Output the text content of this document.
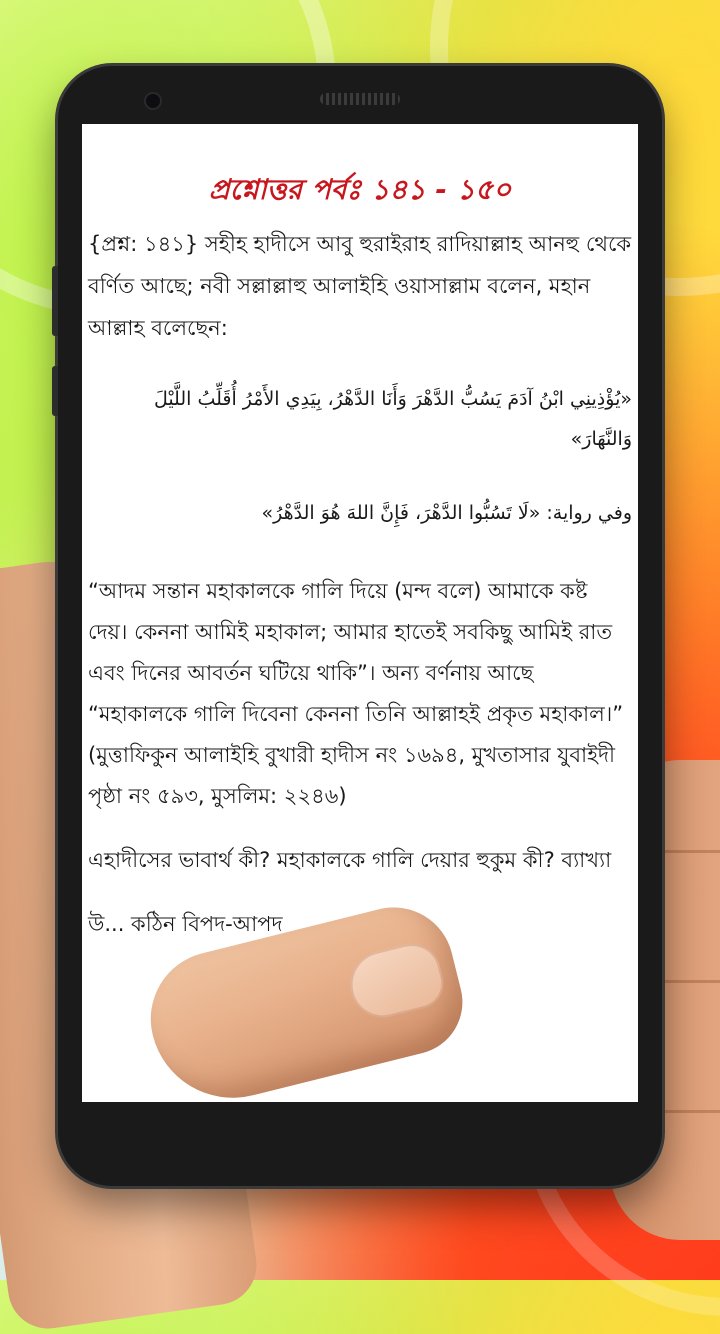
প্রশ্নোত্তর পর্বঃ ১৪১ - ১৫০

{প্রশ্ন: ১৪১} সহীহ হাদীসে আবু হুরাইরাহ রাদিয়াল্লাহ আনহু থেকে বর্ণিত আছে; নবী সল্লাল্লাহু আলাইহি ওয়াসাল্লাম বলেন, মহান আল্লাহ বলেছেন:

«يُؤْذِينِي ابْنُ آدَمَ يَسُبُّ الدَّهْرَ وَأَنَا الدَّهْرُ، بِيَدِي الأَمْرُ أُقَلِّبُ اللَّيْلَ وَالنَّهَارَ»

وفي رواية: «لَا تَسُبُّوا الدَّهْرَ، فَإِنَّ اللهَ هُوَ الدَّهْرُ»

“আদম সন্তান মহাকালকে গালি দিয়ে (মন্দ বলে) আমাকে কষ্ট দেয়। কেননা আমিই মহাকাল; আমার হাতেই সবকিছু আমিই রাত এবং দিনের আবর্তন ঘটিয়ে থাকি”। অন্য বর্ণনায় আছে “মহাকালকে গালি দিবেনা কেননা তিনি আল্লাহই প্রকৃত মহাকাল।” (মুত্তাফিকুন আলাইহি বুখারী হাদীস নং ১৬৯৪, মুখতাসার যুবাইদী পৃষ্ঠা নং ৫৯৩, মুসলিম: ২২৪৬)

এহাদীসের ভাবার্থ কী? মহাকালকে গালি দেয়ার হুকুম কী? ব্যাখ্যা

উ... কঠিন বিপদ-আপদ
